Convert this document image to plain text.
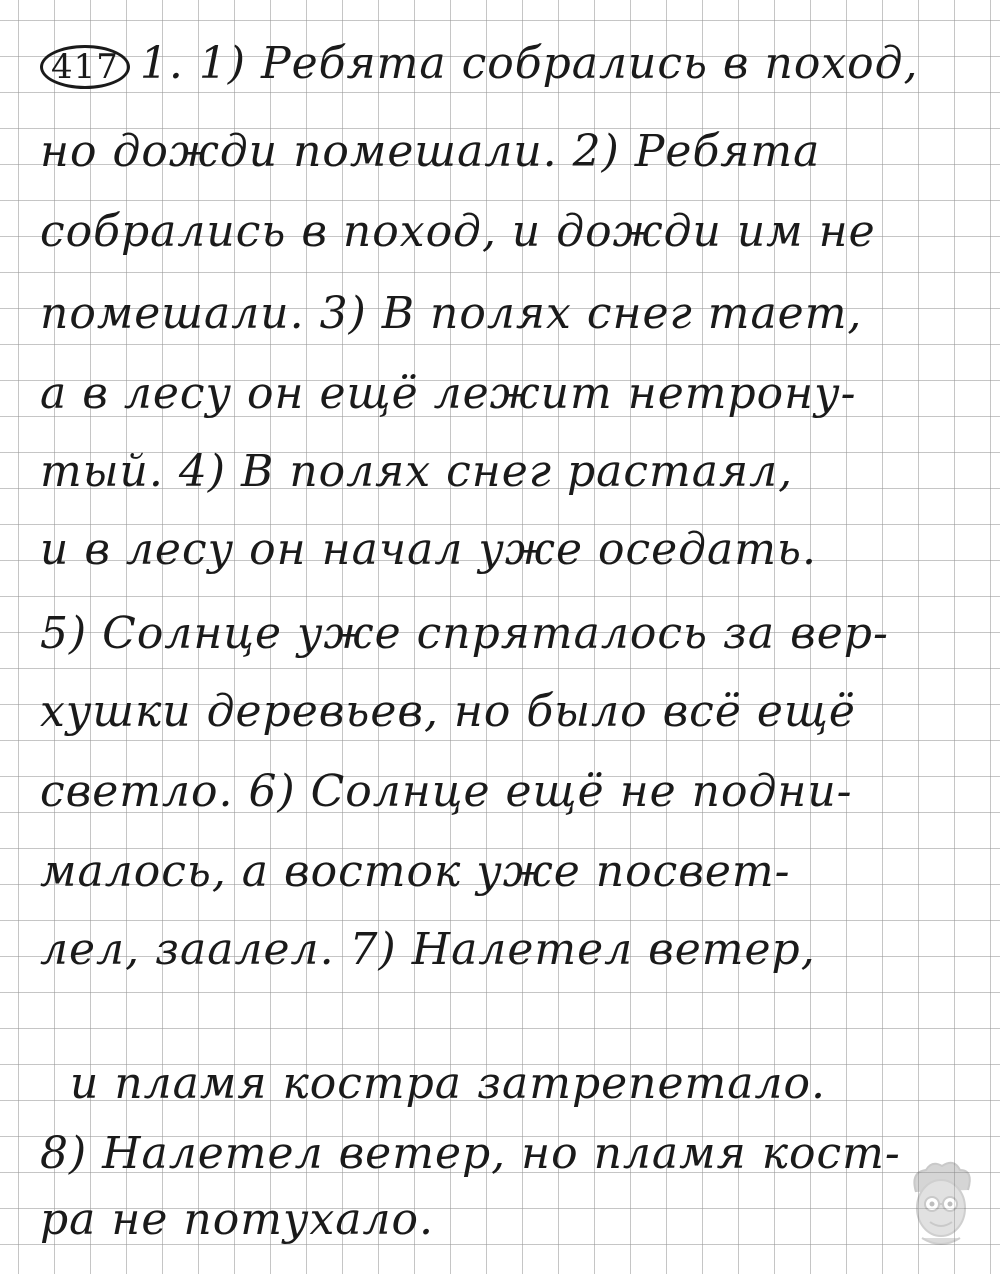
417 1. 1) Ребята собрались в поход,
но дожди помешали. 2) Ребята
собрались в поход, и дожди им не
помешали. 3) В полях снег тает,
а в лесу он ещё лежит нетрону-
тый. 4) В полях снег растаял,
и в лесу он начал уже оседать.
5) Солнце уже спряталось за вер-
хушки деревьев, но было всё ещё
светло. 6) Солнце ещё не подни-
малось, а восток уже посвет-
лел, заалел. 7) Налетел ветер,
и пламя костра затрепетало.
8) Налетел ветер, но пламя кост-
ра не потухало.
